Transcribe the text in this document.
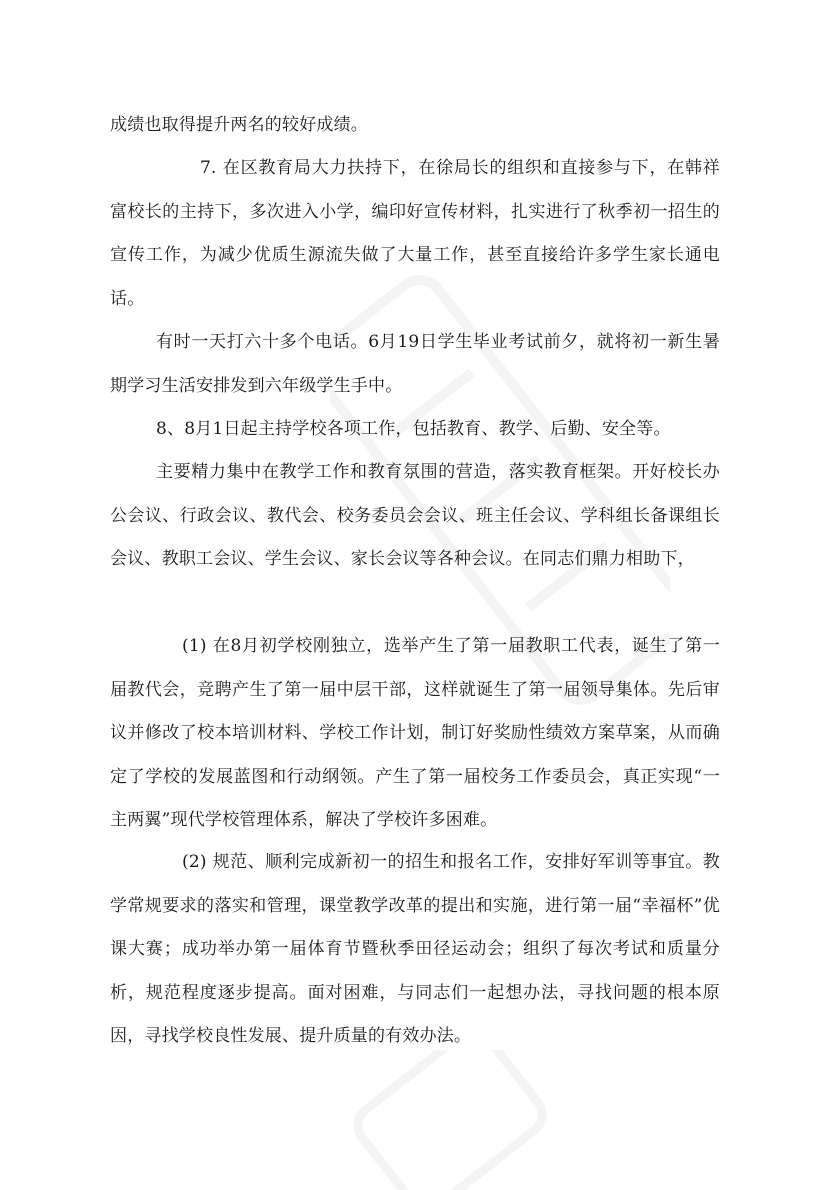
成绩也取得提升两名的较好成绩。

7. 在区教育局大力扶持下，在徐局长的组织和直接参与下，在韩祥富校长的主持下，多次进入小学，编印好宣传材料，扎实进行了秋季初一招生的宣传工作，为减少优质生源流失做了大量工作，甚至直接给许多学生家长通电话。

有时一天打六十多个电话。6月19日学生毕业考试前夕，就将初一新生暑期学习生活安排发到六年级学生手中。

8、8月1日起主持学校各项工作，包括教育、教学、后勤、安全等。

主要精力集中在教学工作和教育氛围的营造，落实教育框架。开好校长办公会议、行政会议、教代会、校务委员会会议、班主任会议、学科组长备课组长会议、教职工会议、学生会议、家长会议等各种会议。在同志们鼎力相助下，

(1) 在8月初学校刚独立，选举产生了第一届教职工代表，诞生了第一届教代会，竞聘产生了第一届中层干部，这样就诞生了第一届领导集体。先后审议并修改了校本培训材料、学校工作计划，制订好奖励性绩效方案草案，从而确定了学校的发展蓝图和行动纲领。产生了第一届校务工作委员会，真正实现“一主两翼”现代学校管理体系，解决了学校许多困难。

(2) 规范、顺利完成新初一的招生和报名工作，安排好军训等事宜。教学常规要求的落实和管理，课堂教学改革的提出和实施，进行第一届“幸福杯”优课大赛；成功举办第一届体育节暨秋季田径运动会；组织了每次考试和质量分析，规范程度逐步提高。面对困难，与同志们一起想办法，寻找问题的根本原因，寻找学校良性发展、提升质量的有效办法。
